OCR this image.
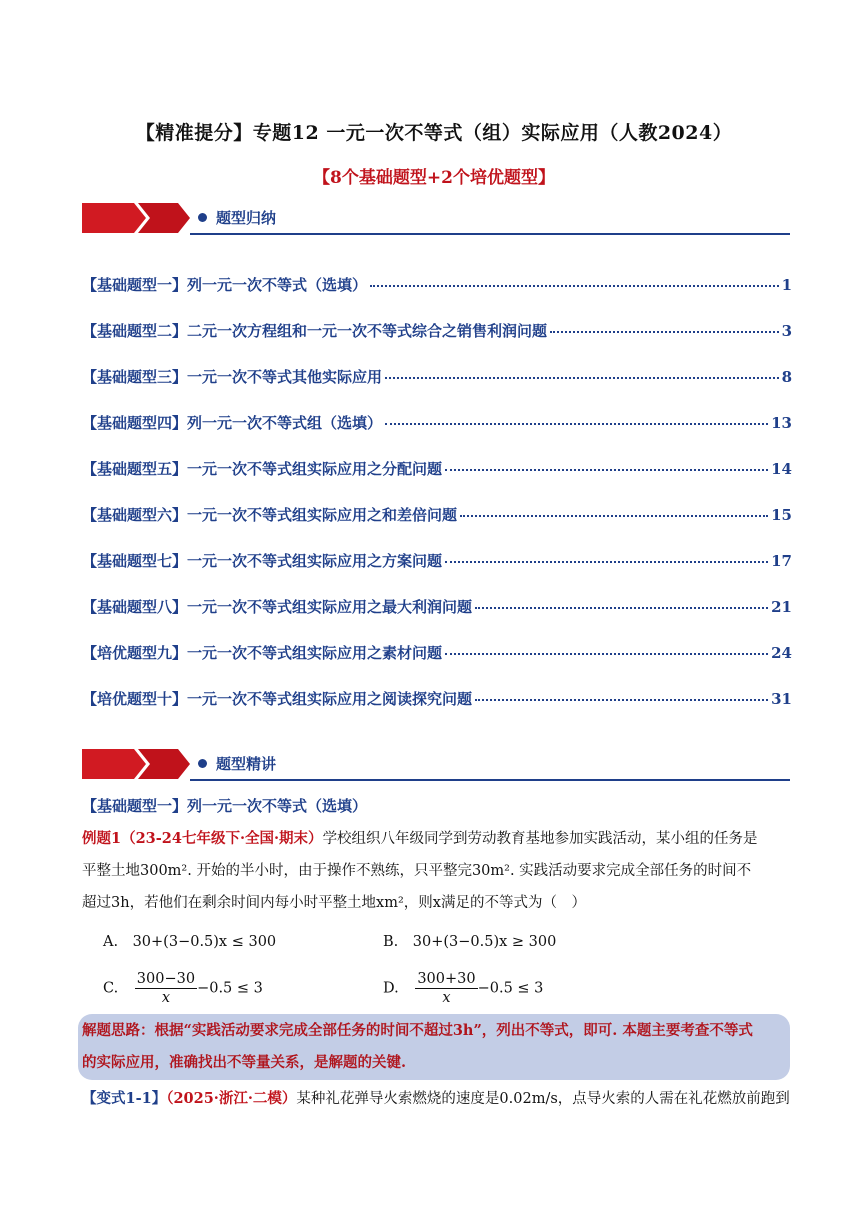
【精准提分】专题12 一元一次不等式（组）实际应用（人教2024）
【8个基础题型+2个培优题型】
题型归纳
【基础题型一】列一元一次不等式（选填）	1
【基础题型二】二元一次方程组和一元一次不等式综合之销售利润问题	3
【基础题型三】一元一次不等式其他实际应用	8
【基础题型四】列一元一次不等式组（选填）	13
【基础题型五】一元一次不等式组实际应用之分配问题	14
【基础题型六】一元一次不等式组实际应用之和差倍问题	15
【基础题型七】一元一次不等式组实际应用之方案问题	17
【基础题型八】一元一次不等式组实际应用之最大利润问题	21
【培优题型九】一元一次不等式组实际应用之素材问题	24
【培优题型十】一元一次不等式组实际应用之阅读探究问题	31
题型精讲
【基础题型一】列一元一次不等式（选填）
例题1（23-24七年级下·全国·期末）学校组织八年级同学到劳动教育基地参加实践活动，某小组的任务是
平整土地300m². 开始的半小时，由于操作不熟练，只平整完30m². 实践活动要求完成全部任务的时间不
超过3h，若他们在剩余时间内每小时平整土地xm²，则x满足的不等式为（　）
A.　30+(3−0.5)x ≤ 300	B.　30+(3−0.5)x ≥ 300
C. $\frac{300-30}{x} -0.5 \le 3$	D. $\frac{300+30}{x} -0.5 \le 3$
解题思路：根据“实践活动要求完成全部任务的时间不超过3h”，列出不等式，即可. 本题主要考查不等式
的实际应用，准确找出不等量关系，是解题的关键.
【变式1-1】（2025·浙江·二模）某种礼花弹导火索燃烧的速度是0.02m/s，点导火索的人需在礼花燃放前跑到
